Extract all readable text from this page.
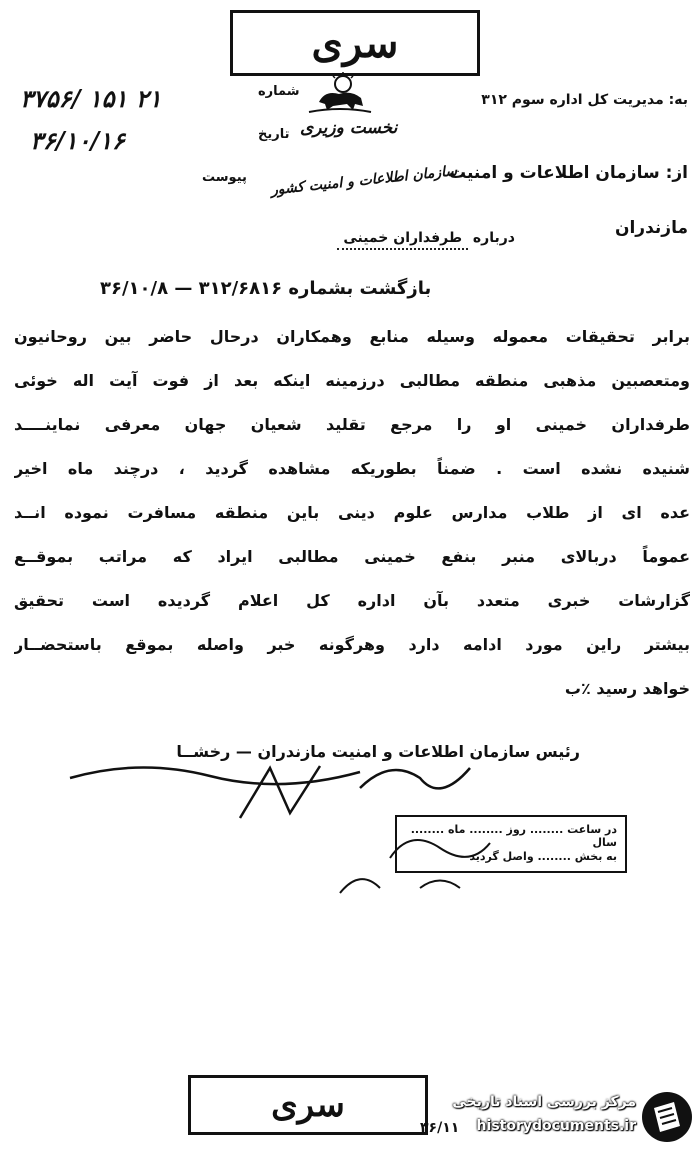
سری
شماره
تاریخ
پیوست
۳۷۵۶/ ۱۵۱ ۲۱
۳۶/۱۰/۱۶
به: مدیریت کل اداره سوم ۳۱۲
نخست وزیری
سازمان اطلاعات و امنیت کشور
از: سازمان اطلاعات و امنیت
مازندران
درباره طرفداران خمینی
بازگشت بشماره ۳۱۲/۶۸۱۶ — ۳۶/۱۰/۸
برابر تحقیقات معموله وسیله منابع وهمکاران درحال حاضر بین روحانیون
ومتعصبین مذهبی منطقه مطالبی درزمینه اینکه بعد از فوت آیت اله خوئی
طرفداران خمینی او را مرجع تقلید شعیان جهان معرفی نماینــــد
شنیده نشده است . ضمناً بطوریکه مشاهده گردید ، درچند ماه اخیر
عده ای از طلاب مدارس علوم دینی باین منطقه مسافرت نموده انــد
عموماً دربالای منبر بنفع خمینی مطالبی ایراد که مراتب بموقــع
گزارشات خبری متعدد بآن اداره کل اعلام گردیده است تحقیق
بیشتر راین مورد ادامه دارد وهرگونه خبر واصله بموقع باستحضــار
خواهد رسید ٪ب
رئیس سازمان اطلاعات و امنیت مازندران — رخشــا
در ساعت ........ روز ........ ماه ........ سال
به بخش ........ واصل گردید
سری
۳۶/۱۱
مرکز بررسی اسناد تاریخی
historydocuments.ir
